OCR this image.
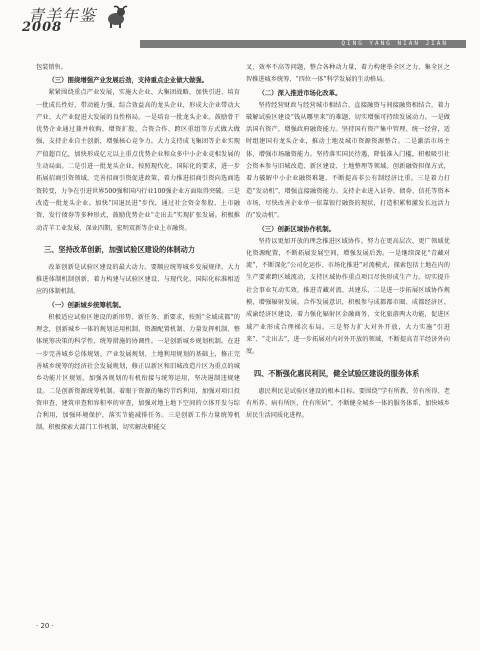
青羊年鉴
2008
QING YANG NIAN JIAN

包装销售。

（三）围绕增强产业发展后劲，支持重点企业做大做强。

紧紧围绕重点产业发展，实施大企业、大集团战略，加快引进、培育一批成长性好、带动能力强、综合效益高的龙头企业，形成大企业带动大产业、大产业促进大发展的良性格局。一是培育一批龙头企业。鼓励骨干优势企业通过兼并收购、增资扩股、合资合作、跨区重组等方式做大做强，支持企业自主创新，增强核心竞争力。大力支持成飞集团等企业实现产值超百亿，加快形成亿元以上重点优势企业和众多中小企业竞相发展的生动局面。二是引进一批龙头企业。按照现代化、国际化的要求，进一步拓展招商引资领域，完善招商引资促进政策，着力推进招商引资向选商选资转变，力争在引进世界500强和国内行业100强企业方面取得突破。三是改造一批龙头企业。加快“国退民进”步伐，通过社会资金参股、上市融资、发行债券等多种形式，鼓励优势企业“走出去”实现扩张发展。积极推动青羊工业发展、深业四期、宏明双新等企业上市融资。

三、坚持改革创新，加强试验区建设的体制动力

改革创新是试验区建设的最大动力。要顺应统筹城乡发展规律，大力推进体制机制创新，着力构建与试验区建设、与现代化、国际化标准相适应的体制机制。

（一）创新城乡统筹机制。

积极适应试验区建设的新形势、新任务、新要求，按照“全域成都”的理念，创新城乡一体的规划运用机制、资源配置机制、力量发挥机制、整体统筹决策的科学性、统筹措施的协调性。一是创新城乡规划机制。在进一步完善城乡总体规划、产业发展规划、土地利用规划的基础上，修正完善城乡统筹的经济社会发展规划，修正以新区和旧城改造片区为重点的城乡功能片区规划，加强各规划的有机衔接与统筹运用，坚决遏制违规建设。二是创新资源统筹机制。着眼于资源的集约节约利用，加强对项目投资审查、建筑审查和容积率的审查，加强对地上地下空间的立体开发与综合利用，加强环境保护，落实节能减排任务。三是创新工作力量统筹机制。积极探索大部门工作机制，切实解决职能交

叉、效率不高等问题，整合各种动力量，着力构建举全区之力、集全区之智推进城乡统筹、“四位一体”科学发展的生动格局。

（二）深入推进市场化改革。

坚持经营财政与经营城市相结合、直接融资与间接融资相结合，着力破解试验区建设“钱从哪里来”的难题，切实增强可持续发展动力。一是做活国有资产，增强政府融资能力。坚持国有资产集中管理、统一经营，适时组建国有龙头企业，推动土地及城市资源资源整合。二是激活市场主体，增强市场融资能力。坚持落实国民待遇，降低准入门槛，积极吸引社会资本参与旧城改造、新区建设、土地整理等领域。创新融资担保方式，着力破解中小企业融资难题，不断提高非公有制经济比重。三是着力打造“发动机”，增强直接融资能力。支持企业进入证券、债券、信托等资本市场，尽快改善企业单一依靠银行融资的现状，打造积累和激发长远活力的“发动机”。

（三）创新区域协作机制。

坚持以更加开放的理念推进区域协作。努力在更高层次、更广领域优化资源配置，不断拓展发展空间，增强发展后劲。一是继续深化“青藏对流”，不断深化“公司化运作、市场化推进”对流模式，探索包括土地在内的生产要素跨区域流动，支持区域协作重点项目尽快形成生产力。切实提升社会事业互动实效，推进青藏对流、共建乐、二是进一步拓展区域协作规模，增强辐射发展，合作发展意识，积极参与成都都市圈、成都经济区、成渝经济区建设，着力强化辐射区金融商务、文化旅游两大功能，促进区域产业形成合理梯次布局。三是努力扩大对外开放，大力实施“引进来”、“走出去”，进一步拓展对内对外开放的领域，不断提高青羊经济外向度。

四、不断强化惠民利民，健全试验区建设的服务体系

惠民利民是试验区建设的根本目标。要围绕“学有所教、劳有所得、老有所养、病有所医、住有所居”，不断健全城乡一体的服务体系，加快城乡居民生活同质化进程。

· 20 ·
